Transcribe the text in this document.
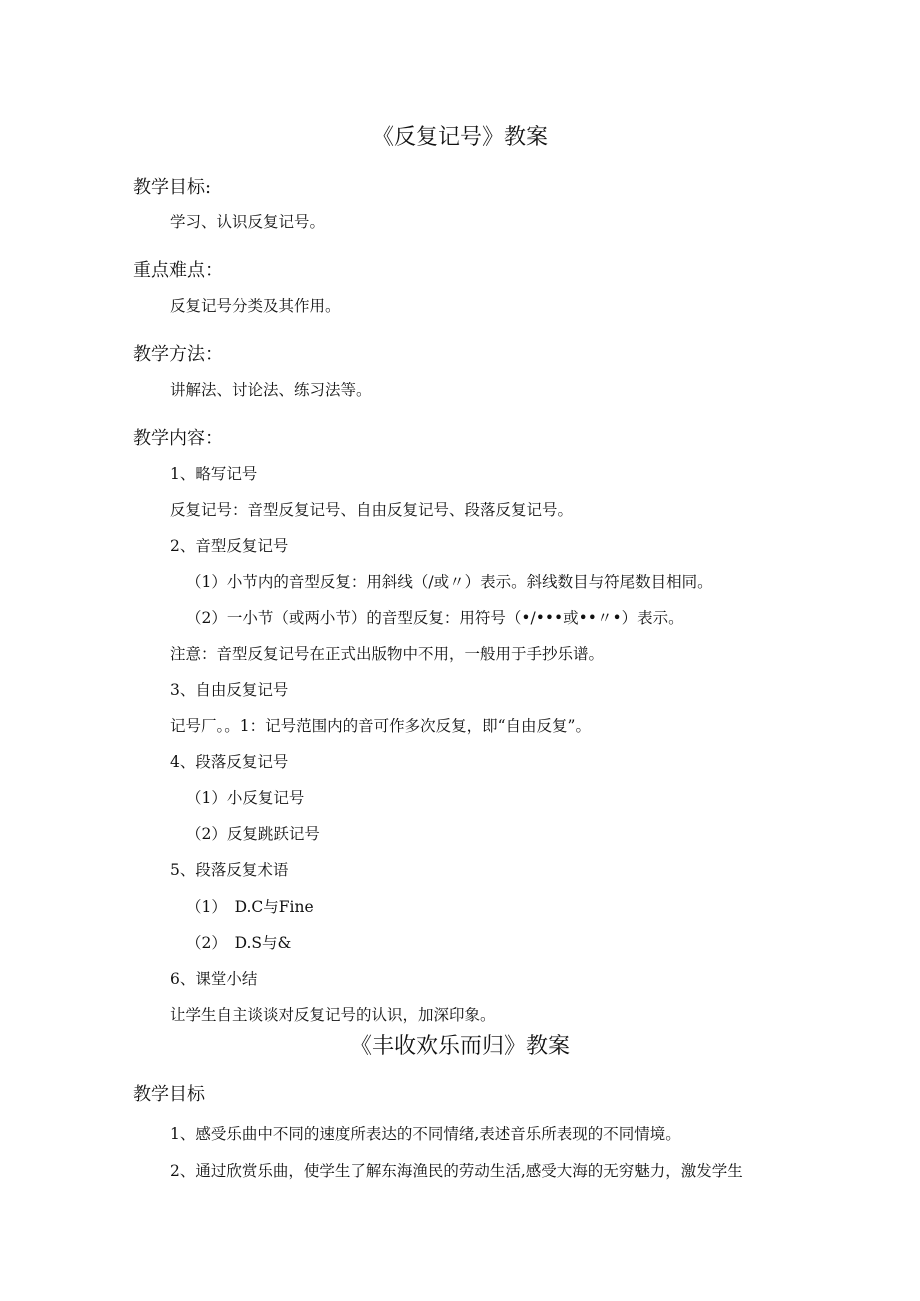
《反复记号》教案
教学目标:
学习、认识反复记号。
重点难点：
反复记号分类及其作用。
教学方法：
讲解法、讨论法、练习法等。
教学内容：
1、略写记号
反复记号：音型反复记号、自由反复记号、段落反复记号。
2、音型反复记号
（1）小节内的音型反复：用斜线（/或〃）表示。斜线数目与符尾数目相同。
（2）一小节（或两小节）的音型反复：用符号（•/•••或••〃•）表示。
注意：音型反复记号在正式出版物中不用，一般用于手抄乐谱。
3、自由反复记号
记号厂。。1：记号范围内的音可作多次反复，即“自由反复”。
4、段落反复记号
（1）小反复记号
（2）反复跳跃记号
5、段落反复术语
（1）　D.C与Fine
（2）　D.S与&
6、课堂小结
让学生自主谈谈对反复记号的认识，加深印象。
《丰收欢乐而归》教案
教学目标
1、感受乐曲中不同的速度所表达的不同情绪,表述音乐所表现的不同情境。
2、通过欣赏乐曲，使学生了解东海渔民的劳动生活,感受大海的无穷魅力，激发学生
